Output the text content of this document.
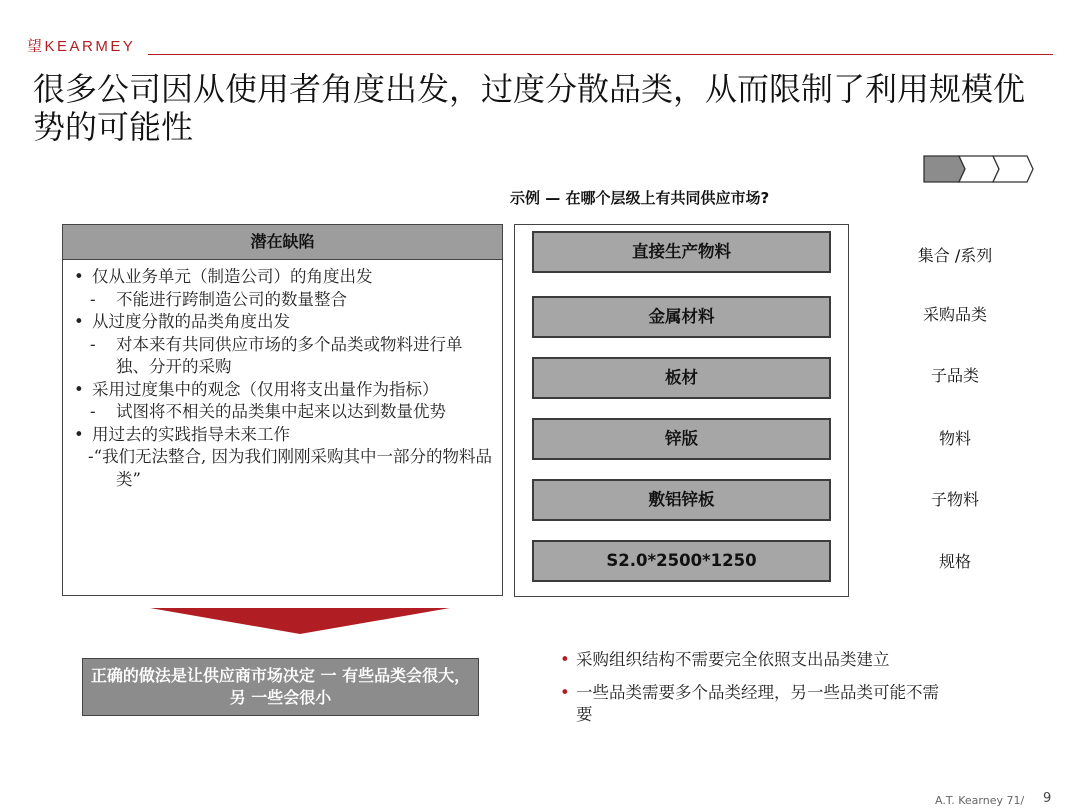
望KEARMEY
很多公司因从使用者角度出发，过度分散品类，从而限制了利用规模优势的可能性
示例 — 在哪个层级上有共同供应市场?
潜在缺陷
• 仅从业务单元（制造公司）的角度出发
- 不能进行跨制造公司的数量整合
• 从过度分散的品类角度出发
- 对本来有共同供应市场的多个品类或物料进行单独、分开的采购
• 采用过度集中的观念（仅用将支出量作为指标）
- 试图将不相关的品类集中起来以达到数量优势
• 用过去的实践指导未来工作
-“我们无法整合, 因为我们刚刚采购其中一部分的物料品类”
直接生产物料
金属材料
板材
锌版
敷铝锌板
S2.0*2500*1250
集合 /系列
采购品类
子品类
物料
子物料
规格
正确的做法是让供应商市场决定 一 有些品类会很大，另 一些会很小
• 采购组织结构不需要完全依照支出品类建立
• 一些品类需要多个品类经理，另一些品类可能不需要
A.T. Kearney 71/ 9
